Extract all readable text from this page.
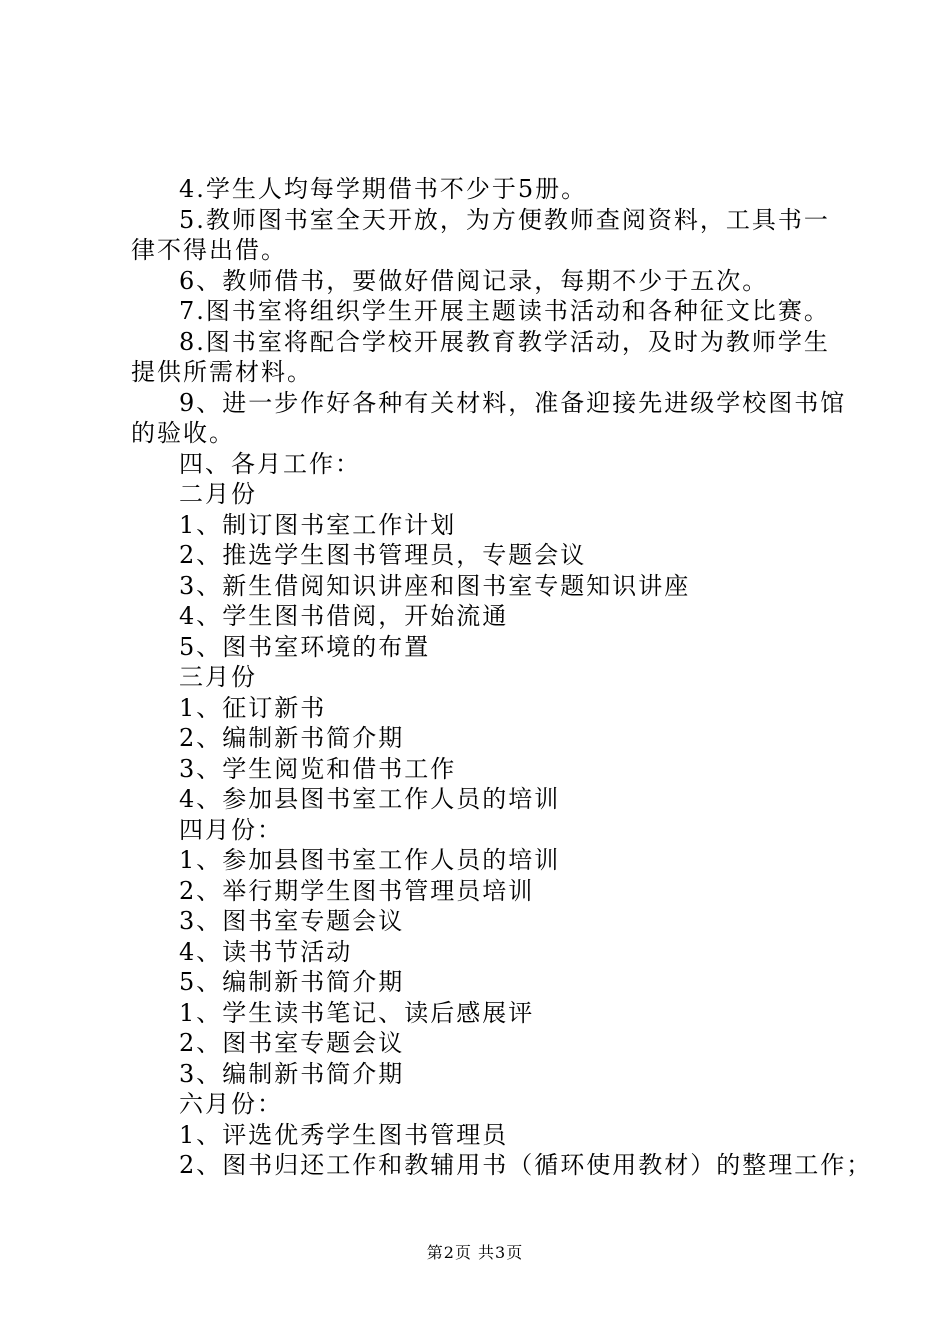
4.学生人均每学期借书不少于5册。
5.教师图书室全天开放，为方便教师查阅资料，工具书一
律不得出借。
6、教师借书，要做好借阅记录，每期不少于五次。
7.图书室将组织学生开展主题读书活动和各种征文比赛。
8.图书室将配合学校开展教育教学活动，及时为教师学生
提供所需材料。
9、进一步作好各种有关材料，准备迎接先进级学校图书馆
的验收。
四、各月工作：
二月份
1、制订图书室工作计划
2、推选学生图书管理员，专题会议
3、新生借阅知识讲座和图书室专题知识讲座
4、学生图书借阅，开始流通
5、图书室环境的布置
三月份
1、征订新书
2、编制新书简介期
3、学生阅览和借书工作
4、参加县图书室工作人员的培训
四月份：
1、参加县图书室工作人员的培训
2、举行期学生图书管理员培训
3、图书室专题会议
4、读书节活动
5、编制新书简介期
1、学生读书笔记、读后感展评
2、图书室专题会议
3、编制新书简介期
六月份：
1、评选优秀学生图书管理员
2、图书归还工作和教辅用书（循环使用教材）的整理工作；
第2页 共3页
